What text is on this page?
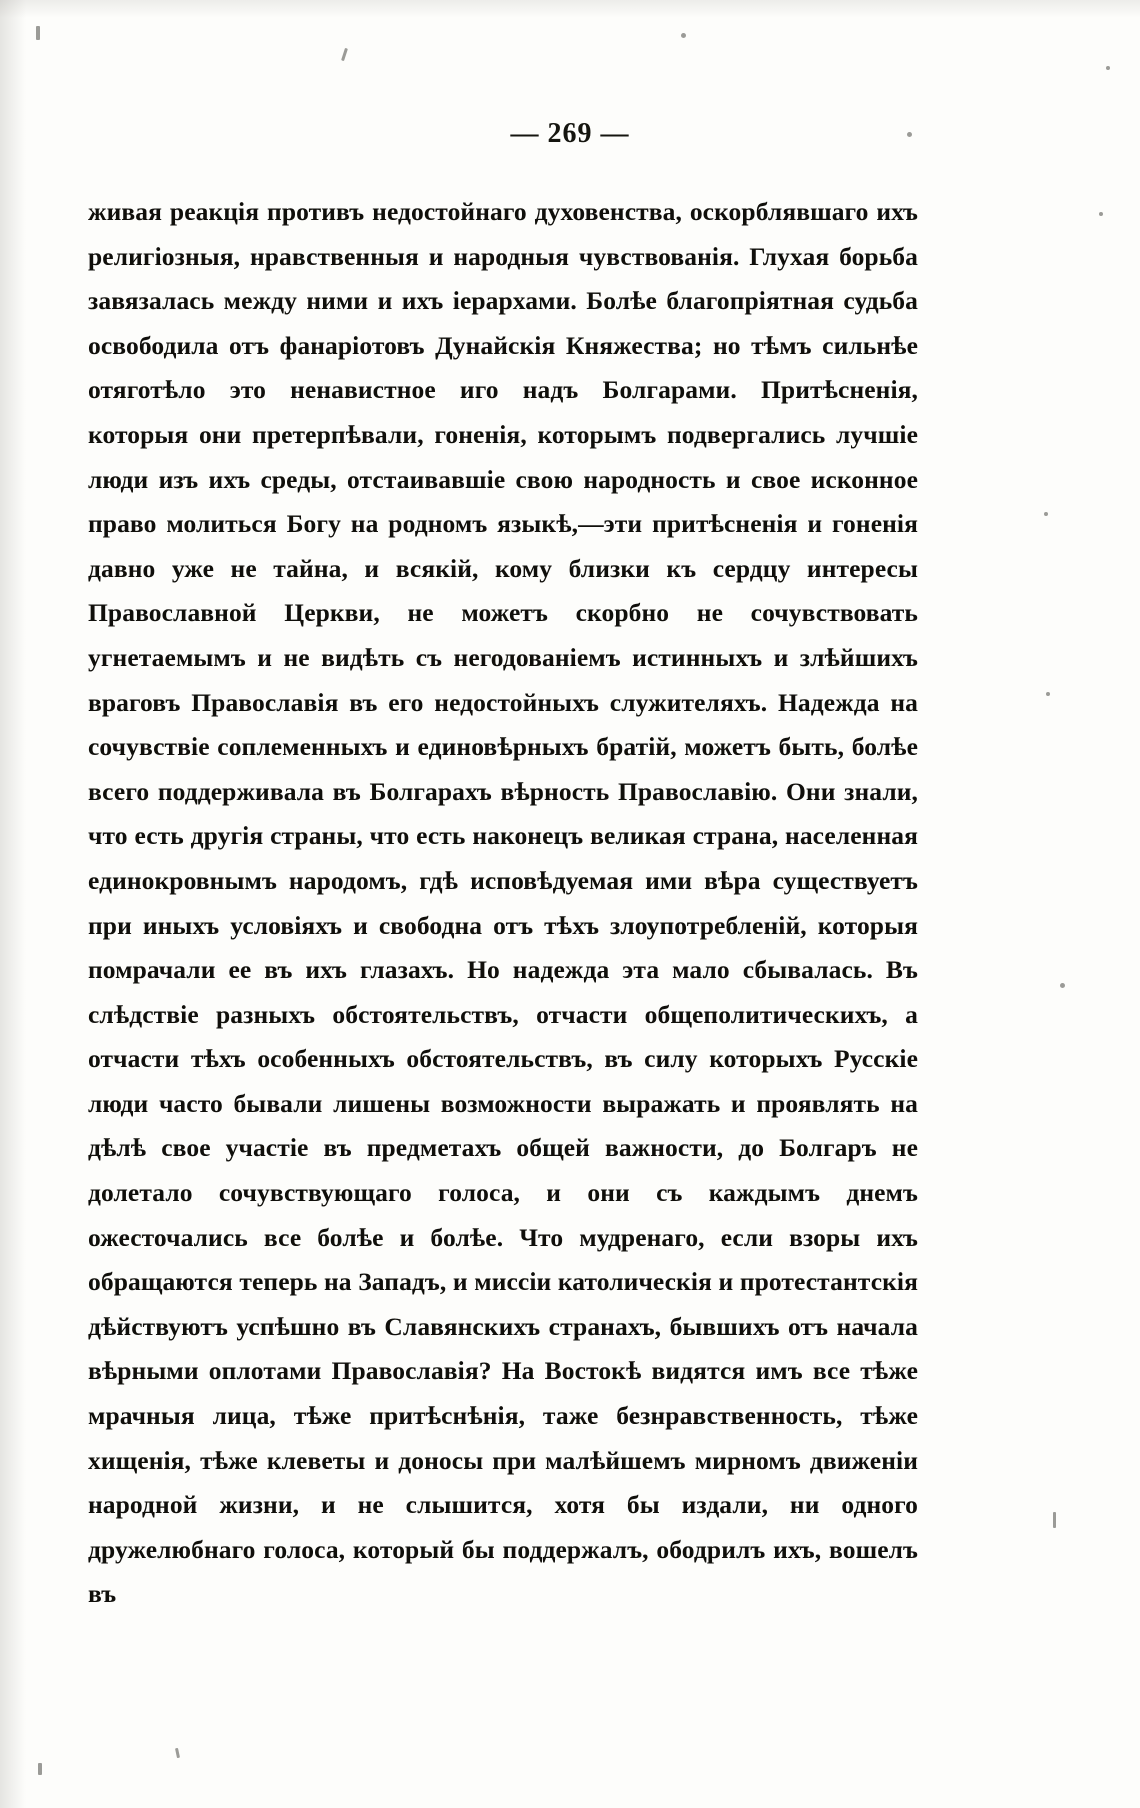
— 269 —

живая реакція противъ недостойнаго духовенства, оскорблявшаго ихъ религіозныя, нравственныя и народныя чувствованія. Глухая борьба завязалась между ними и ихъ іерархами. Болѣе благопріятная судьба освободила отъ фанаріотовъ Дунайскія Княжества; но тѣмъ сильнѣе отяготѣло это ненавистное иго надъ Болгарами. Притѣсненія, которыя они претерпѣвали, гоненія, которымъ подвергались лучшіе люди изъ ихъ среды, отстаивавшіе свою народность и свое исконное право молиться Богу на родномъ языкѣ,—эти притѣсненія и гоненія давно уже не тайна, и всякій, кому близки къ сердцу интересы Православной Церкви, не можетъ скорбно не сочувствовать угнетаемымъ и не видѣть съ негодованіемъ истинныхъ и злѣйшихъ враговъ Православія въ его недостойныхъ служителяхъ. Надежда на сочувствіе соплеменныхъ и единовѣрныхъ братій, можетъ быть, болѣе всего поддерживала въ Болгарахъ вѣрность Православію. Они знали, что есть другія страны, что есть наконецъ великая страна, населенная единокровнымъ народомъ, гдѣ исповѣдуемая ими вѣра существуетъ при иныхъ условіяхъ и свободна отъ тѣхъ злоупотребленій, которыя помрачали ее въ ихъ глазахъ. Но надежда эта мало сбывалась. Въ слѣдствіе разныхъ обстоятельствъ, отчасти общеполитическихъ, а отчасти тѣхъ особенныхъ обстоятельствъ, въ силу которыхъ Русскіе люди часто бывали лишены возможности выражать и проявлять на дѣлѣ свое участіе въ предметахъ общей важности, до Болгаръ не долетало сочувствующаго голоса, и они съ каждымъ днемъ ожесточались все болѣе и болѣе. Что мудренаго, если взоры ихъ обращаются теперь на Западъ, и миссіи католическія и протестантскія дѣйствуютъ успѣшно въ Славянскихъ странахъ, бывшихъ отъ начала вѣрными оплотами Православія? На Востокѣ видятся имъ все тѣже мрачныя лица, тѣже притѣснѣнія, таже безнравственность, тѣже хищенія, тѣже клеветы и доносы при малѣйшемъ мирномъ движеніи народной жизни, и не слышится, хотя бы издали, ни одного дружелюбнаго голоса, который бы поддержалъ, ободрилъ ихъ, вошелъ въ
